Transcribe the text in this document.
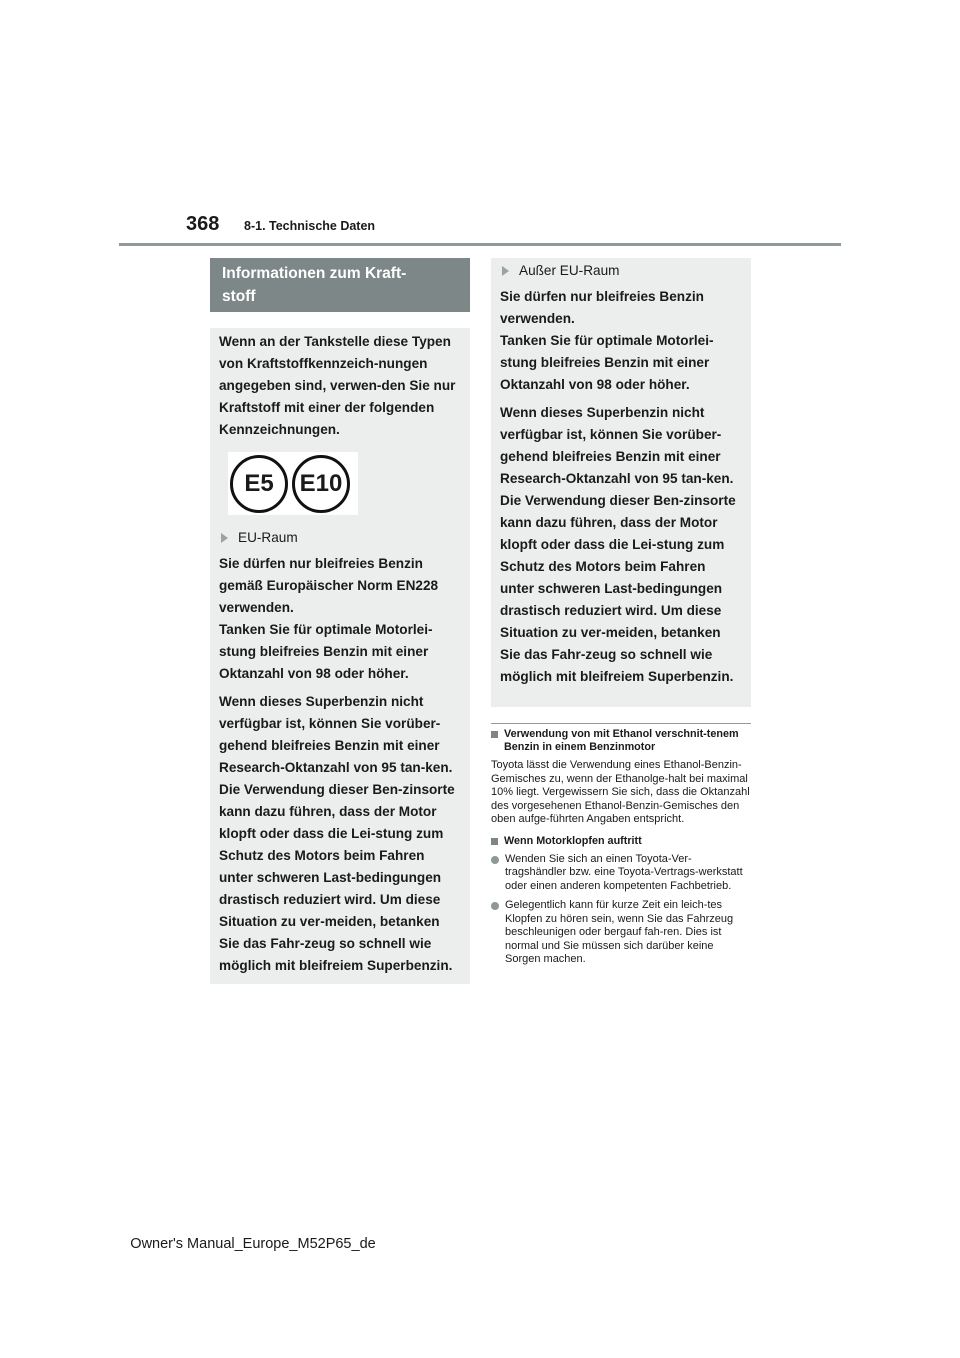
368 8-1. Technische Daten
Informationen zum Kraft-
stoff

Wenn an der Tankstelle diese Typen von Kraftstoffkennzeich-nungen angegeben sind, verwen-den Sie nur Kraftstoff mit einer der folgenden Kennzeichnungen.

E5	E10
EU-Raum

Sie dürfen nur bleifreies Benzin gemäß Europäischer Norm EN228 verwenden.
Tanken Sie für optimale Motorlei-stung bleifreies Benzin mit einer Oktanzahl von 98 oder höher.

Wenn dieses Superbenzin nicht verfügbar ist, können Sie vorüber-gehend bleifreies Benzin mit einer Research-Oktanzahl von 95 tan-ken. Die Verwendung dieser Ben-zinsorte kann dazu führen, dass der Motor klopft oder dass die Lei-stung zum Schutz des Motors beim Fahren unter schweren Last-bedingungen drastisch reduziert wird. Um diese Situation zu ver-meiden, betanken Sie das Fahr-zeug so schnell wie möglich mit bleifreiem Superbenzin.

Außer EU-Raum

Sie dürfen nur bleifreies Benzin verwenden.
Tanken Sie für optimale Motorlei-stung bleifreies Benzin mit einer Oktanzahl von 98 oder höher.

Wenn dieses Superbenzin nicht verfügbar ist, können Sie vorüber-gehend bleifreies Benzin mit einer Research-Oktanzahl von 95 tan-ken. Die Verwendung dieser Ben-zinsorte kann dazu führen, dass der Motor klopft oder dass die Lei-stung zum Schutz des Motors beim Fahren unter schweren Last-bedingungen drastisch reduziert wird. Um diese Situation zu ver-meiden, betanken Sie das Fahr-zeug so schnell wie möglich mit bleifreiem Superbenzin.

Verwendung von mit Ethanol verschnit-tenem Benzin in einem Benzinmotor

Toyota lässt die Verwendung eines Ethanol-Benzin-Gemisches zu, wenn der Ethanolge-halt bei maximal 10% liegt. Vergewissern Sie sich, dass die Oktanzahl des vorgesehenen Ethanol-Benzin-Gemisches den oben aufge-führten Angaben entspricht.

Wenn Motorklopfen auftritt
Wenden Sie sich an einen Toyota-Ver-tragshändler bzw. eine Toyota-Vertrags-werkstatt oder einen anderen kompetenten Fachbetrieb.
Gelegentlich kann für kurze Zeit ein leich-tes Klopfen zu hören sein, wenn Sie das Fahrzeug beschleunigen oder bergauf fah-ren. Dies ist normal und Sie müssen sich darüber keine Sorgen machen.
Owner's Manual_Europe_M52P65_de
